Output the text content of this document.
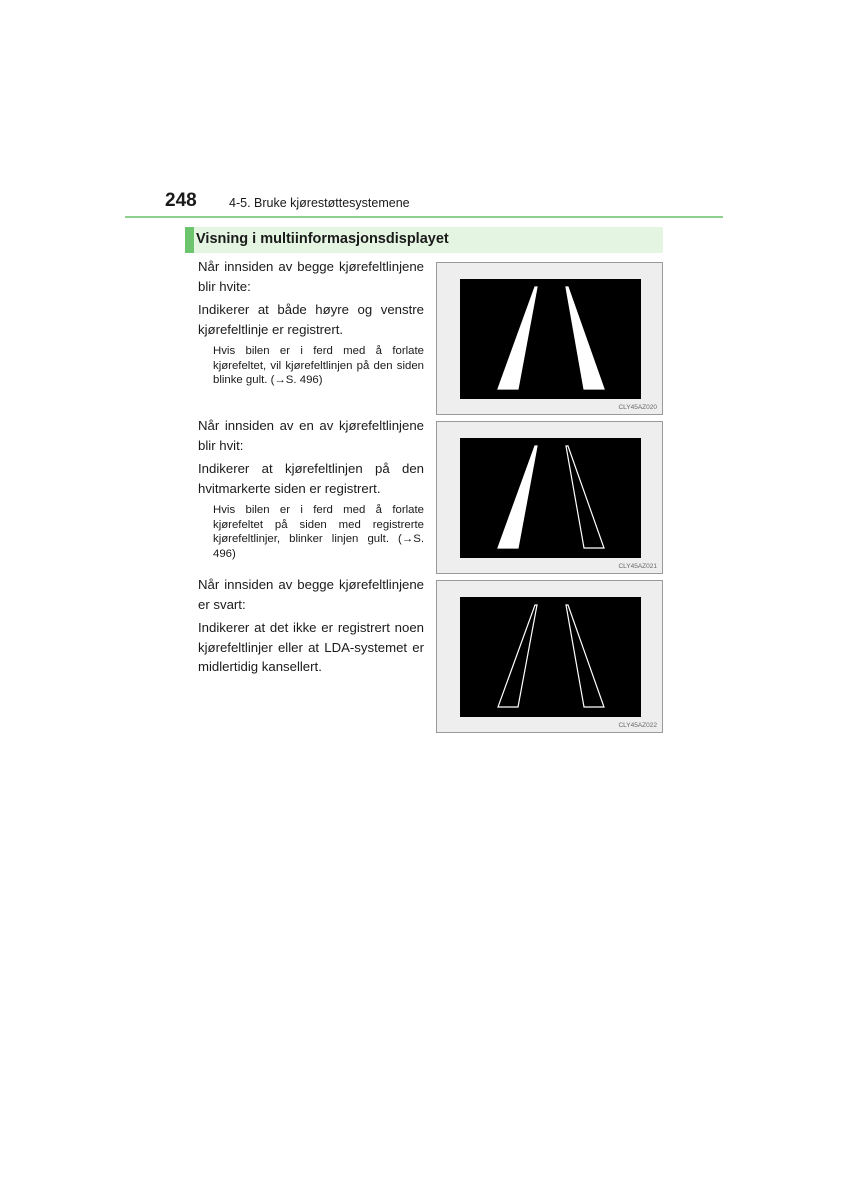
248	4-5. Bruke kjørestøttesystemene
Visning i multiinformasjonsdisplayet

Når innsiden av begge kjørefeltlinjene blir hvite:

Indikerer at både høyre og venstre kjørefeltlinje er registrert.

Hvis bilen er i ferd med å forlate kjørefeltet, vil kjørefeltlinjen på den siden blinke gult. (→S. 496)

Når innsiden av en av kjørefeltlinjene blir hvit:

Indikerer at kjørefeltlinjen på den hvitmarkerte siden er registrert.

Hvis bilen er i ferd med å forlate kjørefeltet på siden med registrerte kjørefeltlinjer, blinker linjen gult. (→S. 496)

Når innsiden av begge kjørefeltlinjene er svart:

Indikerer at det ikke er registrert noen kjørefeltlinjer eller at LDA-systemet er midlertidig kansellert.

CLY45AZ020
CLY45AZ021
CLY45AZ022
